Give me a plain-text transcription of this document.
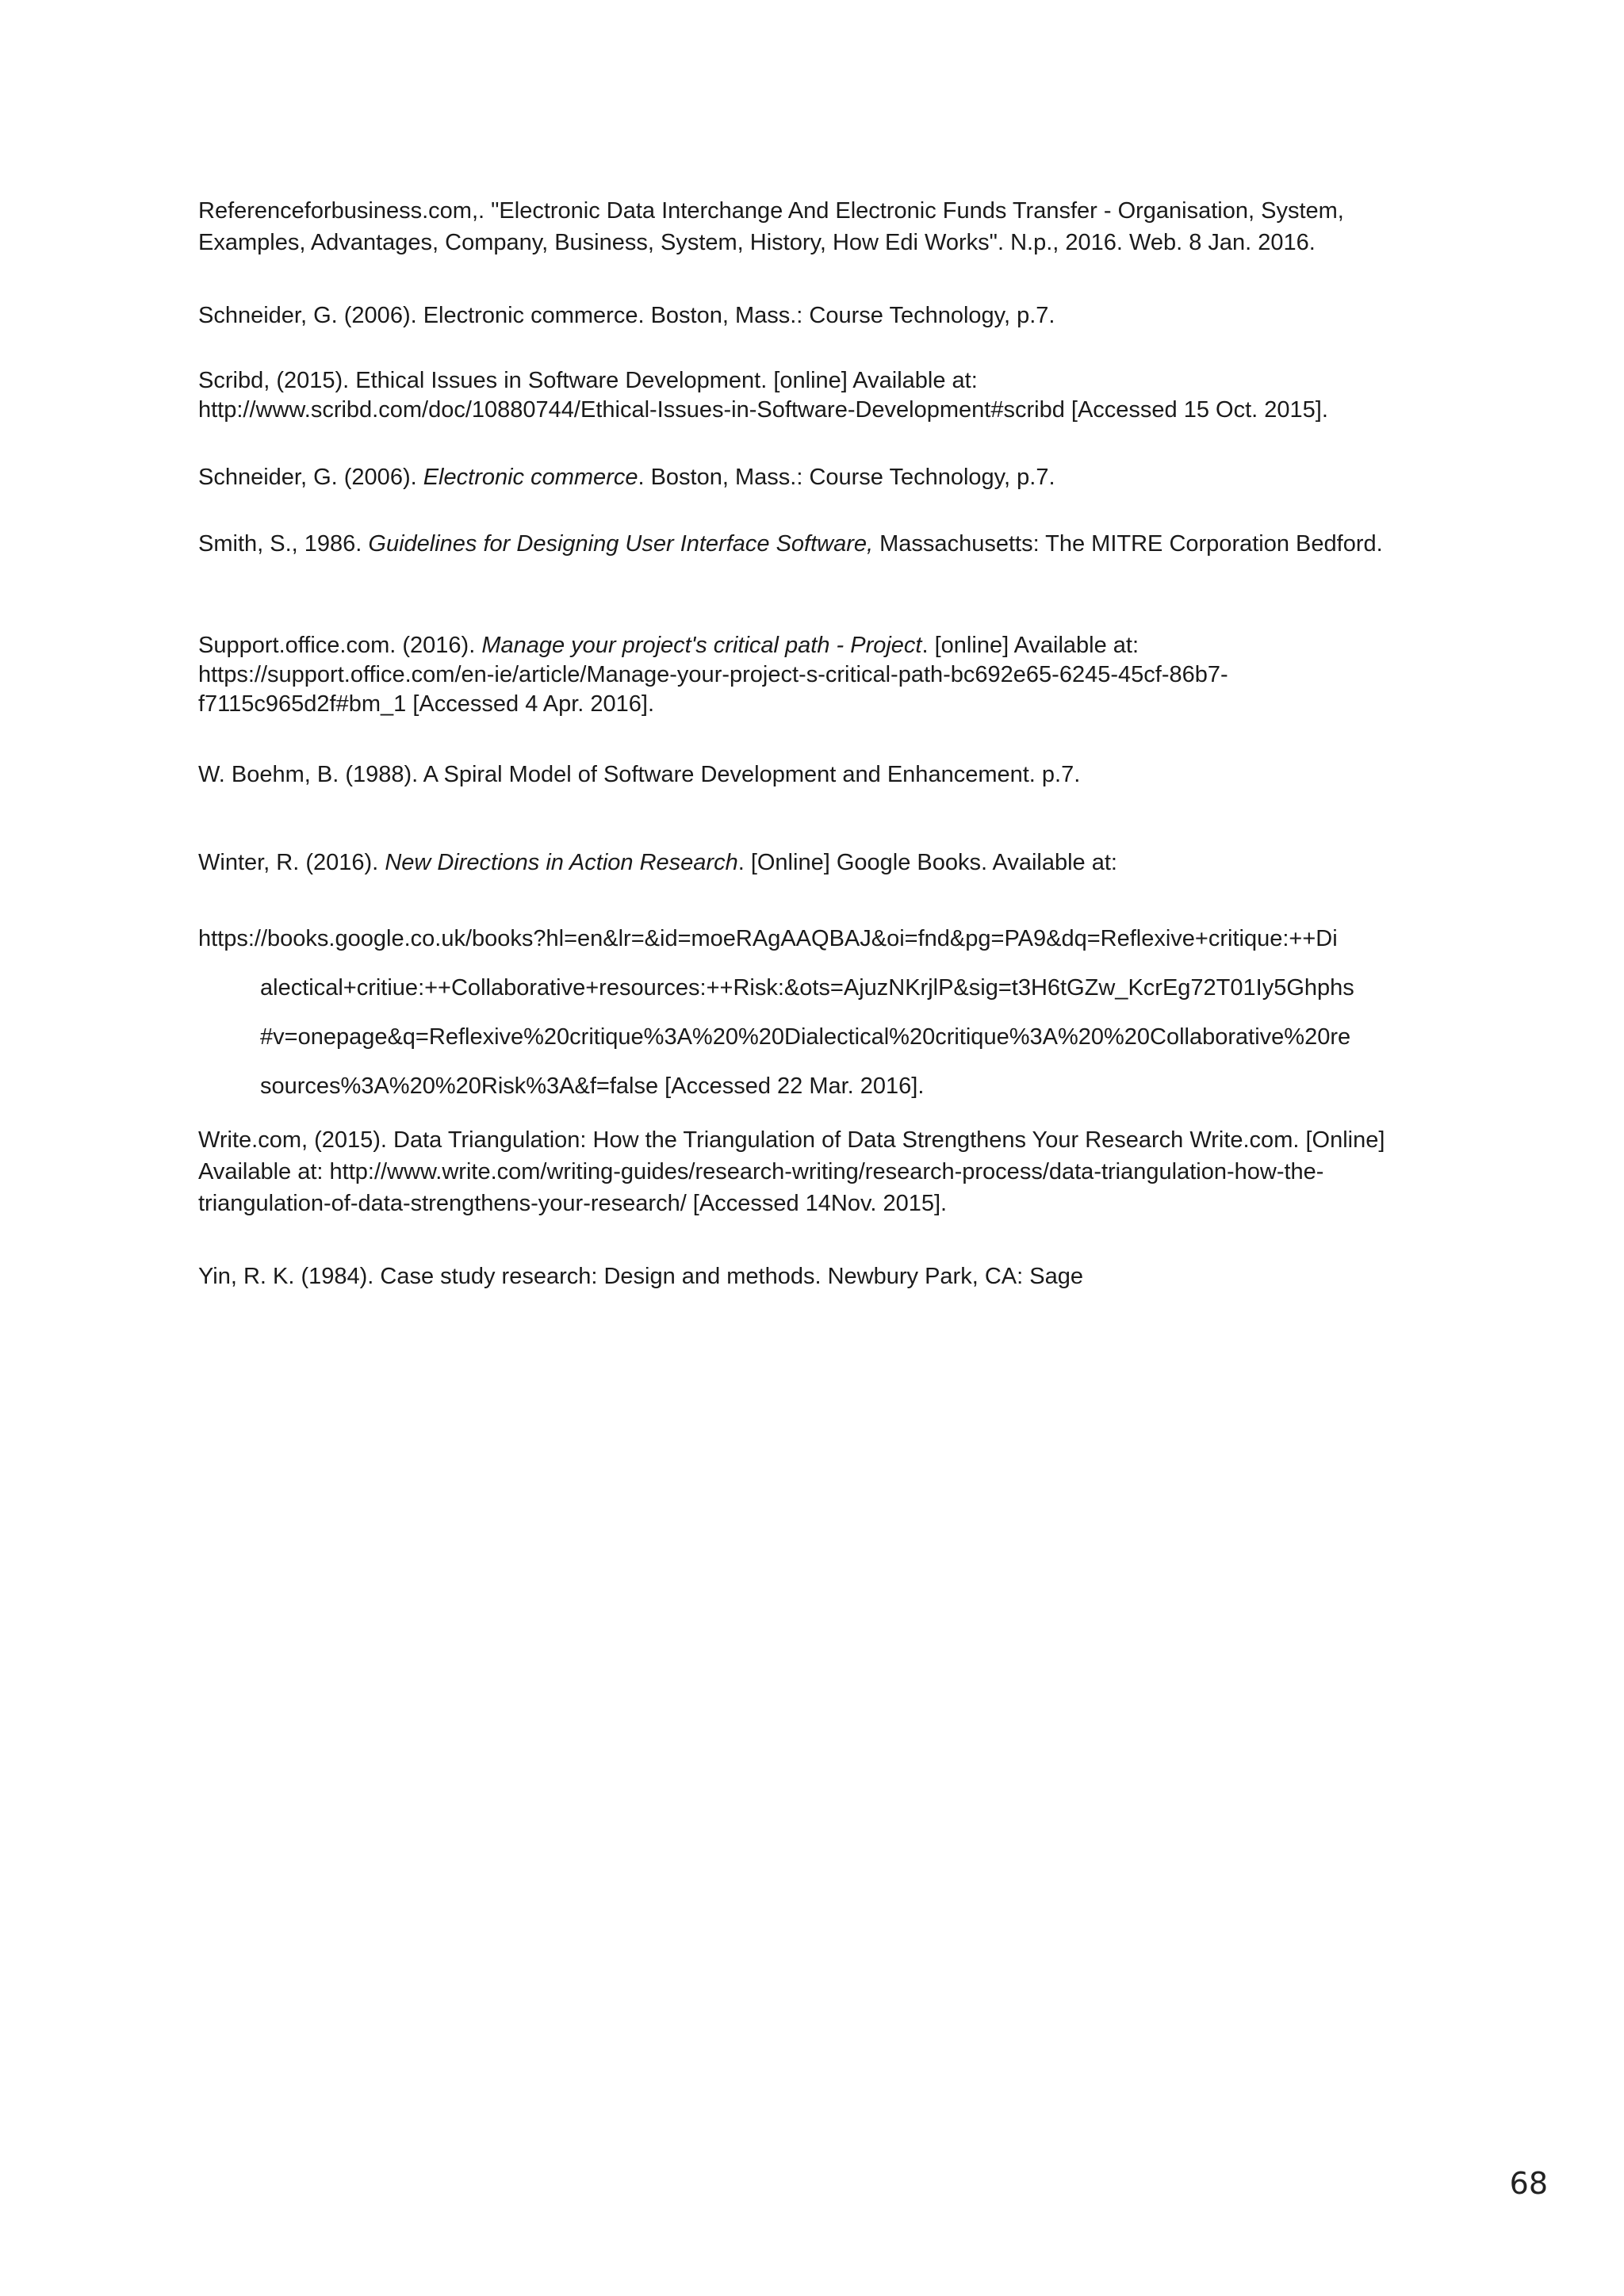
Referenceforbusiness.com,. "Electronic Data Interchange And Electronic Funds Transfer - Organisation, System, Examples, Advantages, Company, Business, System, History, How Edi Works". N.p., 2016. Web. 8 Jan. 2016.

Schneider, G. (2006). Electronic commerce. Boston, Mass.: Course Technology, p.7.

Scribd, (2015). Ethical Issues in Software Development. [online] Available at:
http://www.scribd.com/doc/10880744/Ethical-Issues-in-Software-Development#scribd [Accessed 15 Oct. 2015].

Schneider, G. (2006). Electronic commerce. Boston, Mass.: Course Technology, p.7.

Smith, S., 1986. Guidelines for Designing User Interface Software, Massachusetts: The MITRE Corporation Bedford.

Support.office.com. (2016). Manage your project's critical path - Project. [online] Available at:
https://support.office.com/en-ie/article/Manage-your-project-s-critical-path-bc692e65-6245-45cf-86b7-
f7115c965d2f#bm_1 [Accessed 4 Apr. 2016].

W. Boehm, B. (1988). A Spiral Model of Software Development and Enhancement. p.7.

Winter, R. (2016). New Directions in Action Research. [Online] Google Books. Available at:

https://books.google.co.uk/books?hl=en&lr=&id=moeRAgAAQBAJ&oi=fnd&pg=PA9&dq=Reflexive+critique:++Di

alectical+critiue:++Collaborative+resources:++Risk:&ots=AjuzNKrjlP&sig=t3H6tGZw_KcrEg72T01Iy5Ghphs

#v=onepage&q=Reflexive%20critique%3A%20%20Dialectical%20critique%3A%20%20Collaborative%20re

sources%3A%20%20Risk%3A&f=false [Accessed 22 Mar. 2016].

Write.com, (2015). Data Triangulation: How the Triangulation of Data Strengthens Your Research Write.com. [Online] Available at: http://www.write.com/writing-guides/research-writing/research-process/data-triangulation-how-the-triangulation-of-data-strengthens-your-research/ [Accessed 14Nov. 2015].

Yin, R. K. (1984). Case study research: Design and methods. Newbury Park, CA: Sage

68
